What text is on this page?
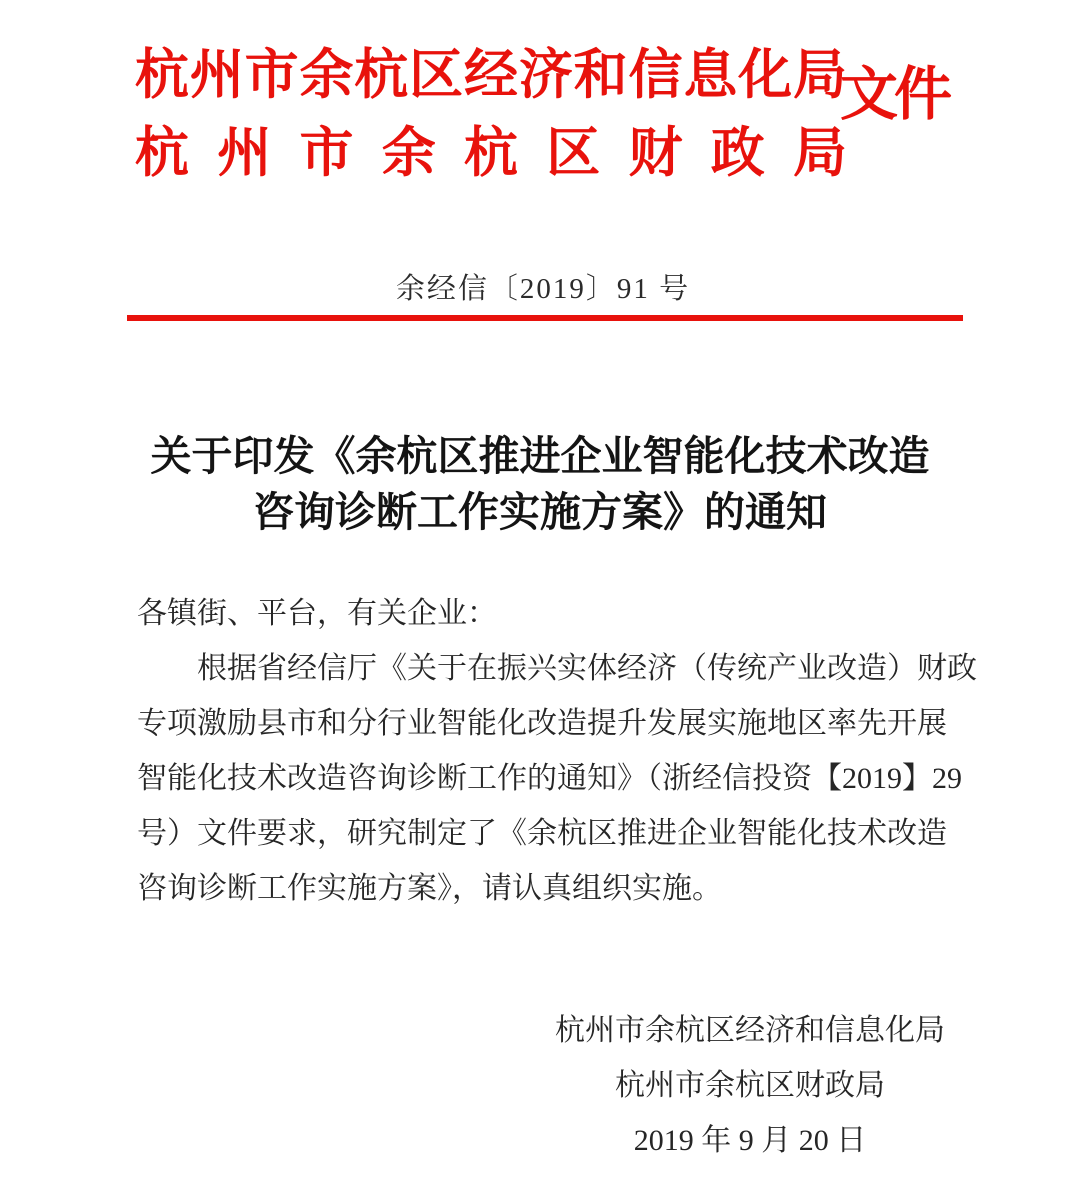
杭州市余杭区经济和信息化局
杭 州 市 余 杭 区 财 政 局
文件
余经信〔2019〕91 号
关于印发《余杭区推进企业智能化技术改造
咨询诊断工作实施方案》的通知
各镇街、平台，有关企业：
根据省经信厅《关于在振兴实体经济（传统产业改造）财政
专项激励县市和分行业智能化改造提升发展实施地区率先开展
智能化技术改造咨询诊断工作的通知》（浙经信投资【2019】29
号）文件要求，研究制定了《余杭区推进企业智能化技术改造
咨询诊断工作实施方案》，请认真组织实施。
杭州市余杭区经济和信息化局
杭州市余杭区财政局
2019 年 9 月 20 日
